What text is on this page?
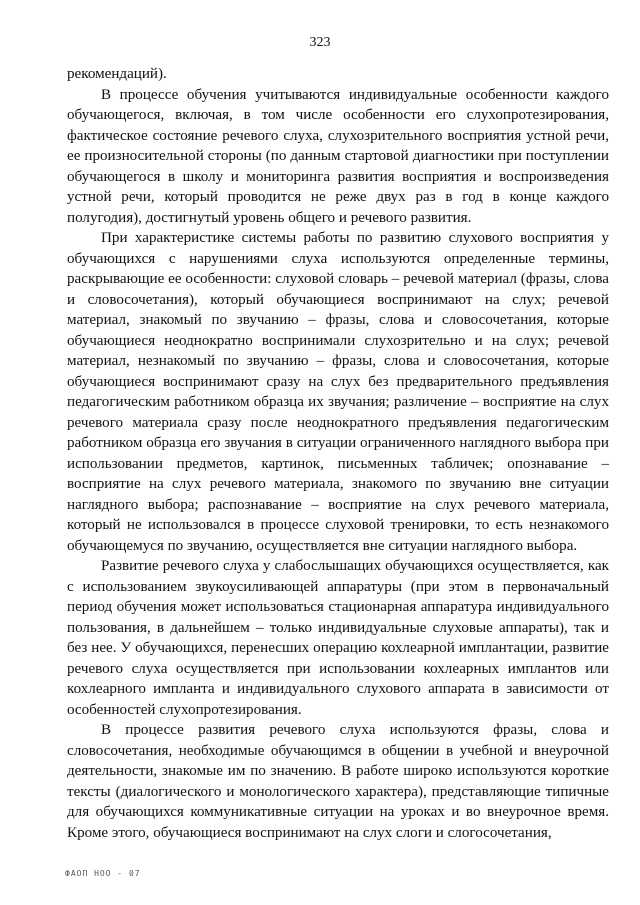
323

рекомендаций).

В процессе обучения учитываются индивидуальные особенности каждого обучающегося, включая, в том числе особенности его слухопротезирования, фактическое состояние речевого слуха, слухозрительного восприятия устной речи, ее произносительной стороны (по данным стартовой диагностики при поступлении обучающегося в школу и мониторинга развития восприятия и воспроизведения устной речи, который проводится не реже двух раз в год в конце каждого полугодия), достигнутый уровень общего и речевого развития.

При характеристике системы работы по развитию слухового восприятия у обучающихся с нарушениями слуха используются определенные термины, раскрывающие ее особенности: слуховой словарь – речевой материал (фразы, слова и словосочетания), который обучающиеся воспринимают на слух; речевой материал, знакомый по звучанию – фразы, слова и словосочетания, которые обучающиеся неоднократно воспринимали слухозрительно и на слух; речевой материал, незнакомый по звучанию – фразы, слова и словосочетания, которые обучающиеся воспринимают сразу на слух без предварительного предъявления педагогическим работником образца их звучания; различение – восприятие на слух речевого материала сразу после неоднократного предъявления педагогическим работником образца его звучания в ситуации ограниченного наглядного выбора при использовании предметов, картинок, письменных табличек; опознавание – восприятие на слух речевого материала, знакомого по звучанию вне ситуации наглядного выбора; распознавание – восприятие на слух речевого материала, который не использовался в процессе слуховой тренировки, то есть незнакомого обучающемуся по звучанию, осуществляется вне ситуации наглядного выбора.

Развитие речевого слуха у слабослышащих обучающихся осуществляется, как с использованием звукоусиливающей аппаратуры (при этом в первоначальный период обучения может использоваться стационарная аппаратура индивидуального пользования, в дальнейшем – только индивидуальные слуховые аппараты), так и без нее. У обучающихся, перенесших операцию кохлеарной имплантации, развитие речевого слуха осуществляется при использовании кохлеарных имплантов или кохлеарного импланта и индивидуального слухового аппарата в зависимости от особенностей слухопротезирования.

В процессе развития речевого слуха используются фразы, слова и словосочетания, необходимые обучающимся в общении в учебной и внеурочной деятельности, знакомые им по значению. В работе широко используются короткие тексты (диалогического и монологического характера), представляющие типичные для обучающихся коммуникативные ситуации на уроках и во внеурочное время. Кроме этого, обучающиеся воспринимают на слух слоги и слогосочетания,

ФАОП НОО - 07
